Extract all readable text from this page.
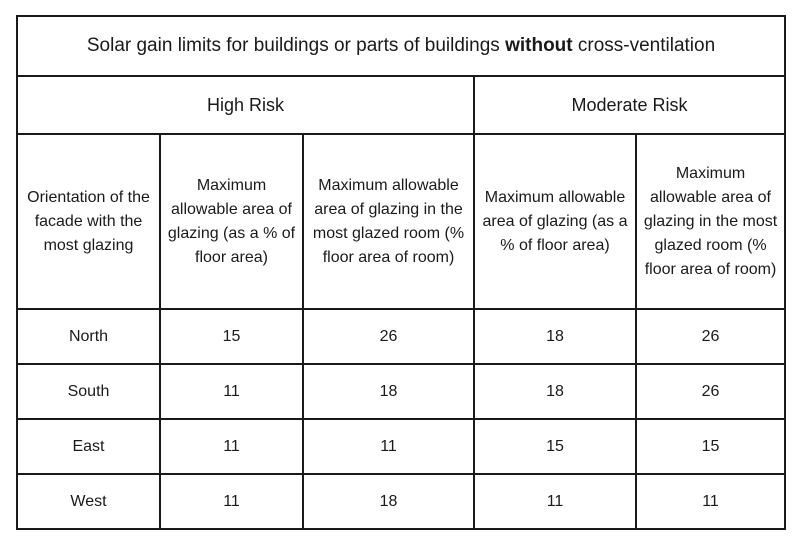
Solar gain limits for buildings or parts of buildings without cross-ventilation				
High Risk			Moderate Risk	
Orientation of the facade with the most glazing	Maximum allowable area of glazing (as a % of floor area)	Maximum allowable area of glazing in the most glazed room (% floor area of room)	Maximum allowable area of glazing (as a % of floor area)	Maximum allowable area of glazing in the most glazed room (% floor area of room)
North	15	26	18	26
South	11	18	18	26
East	11	11	15	15
West	11	18	11	11
